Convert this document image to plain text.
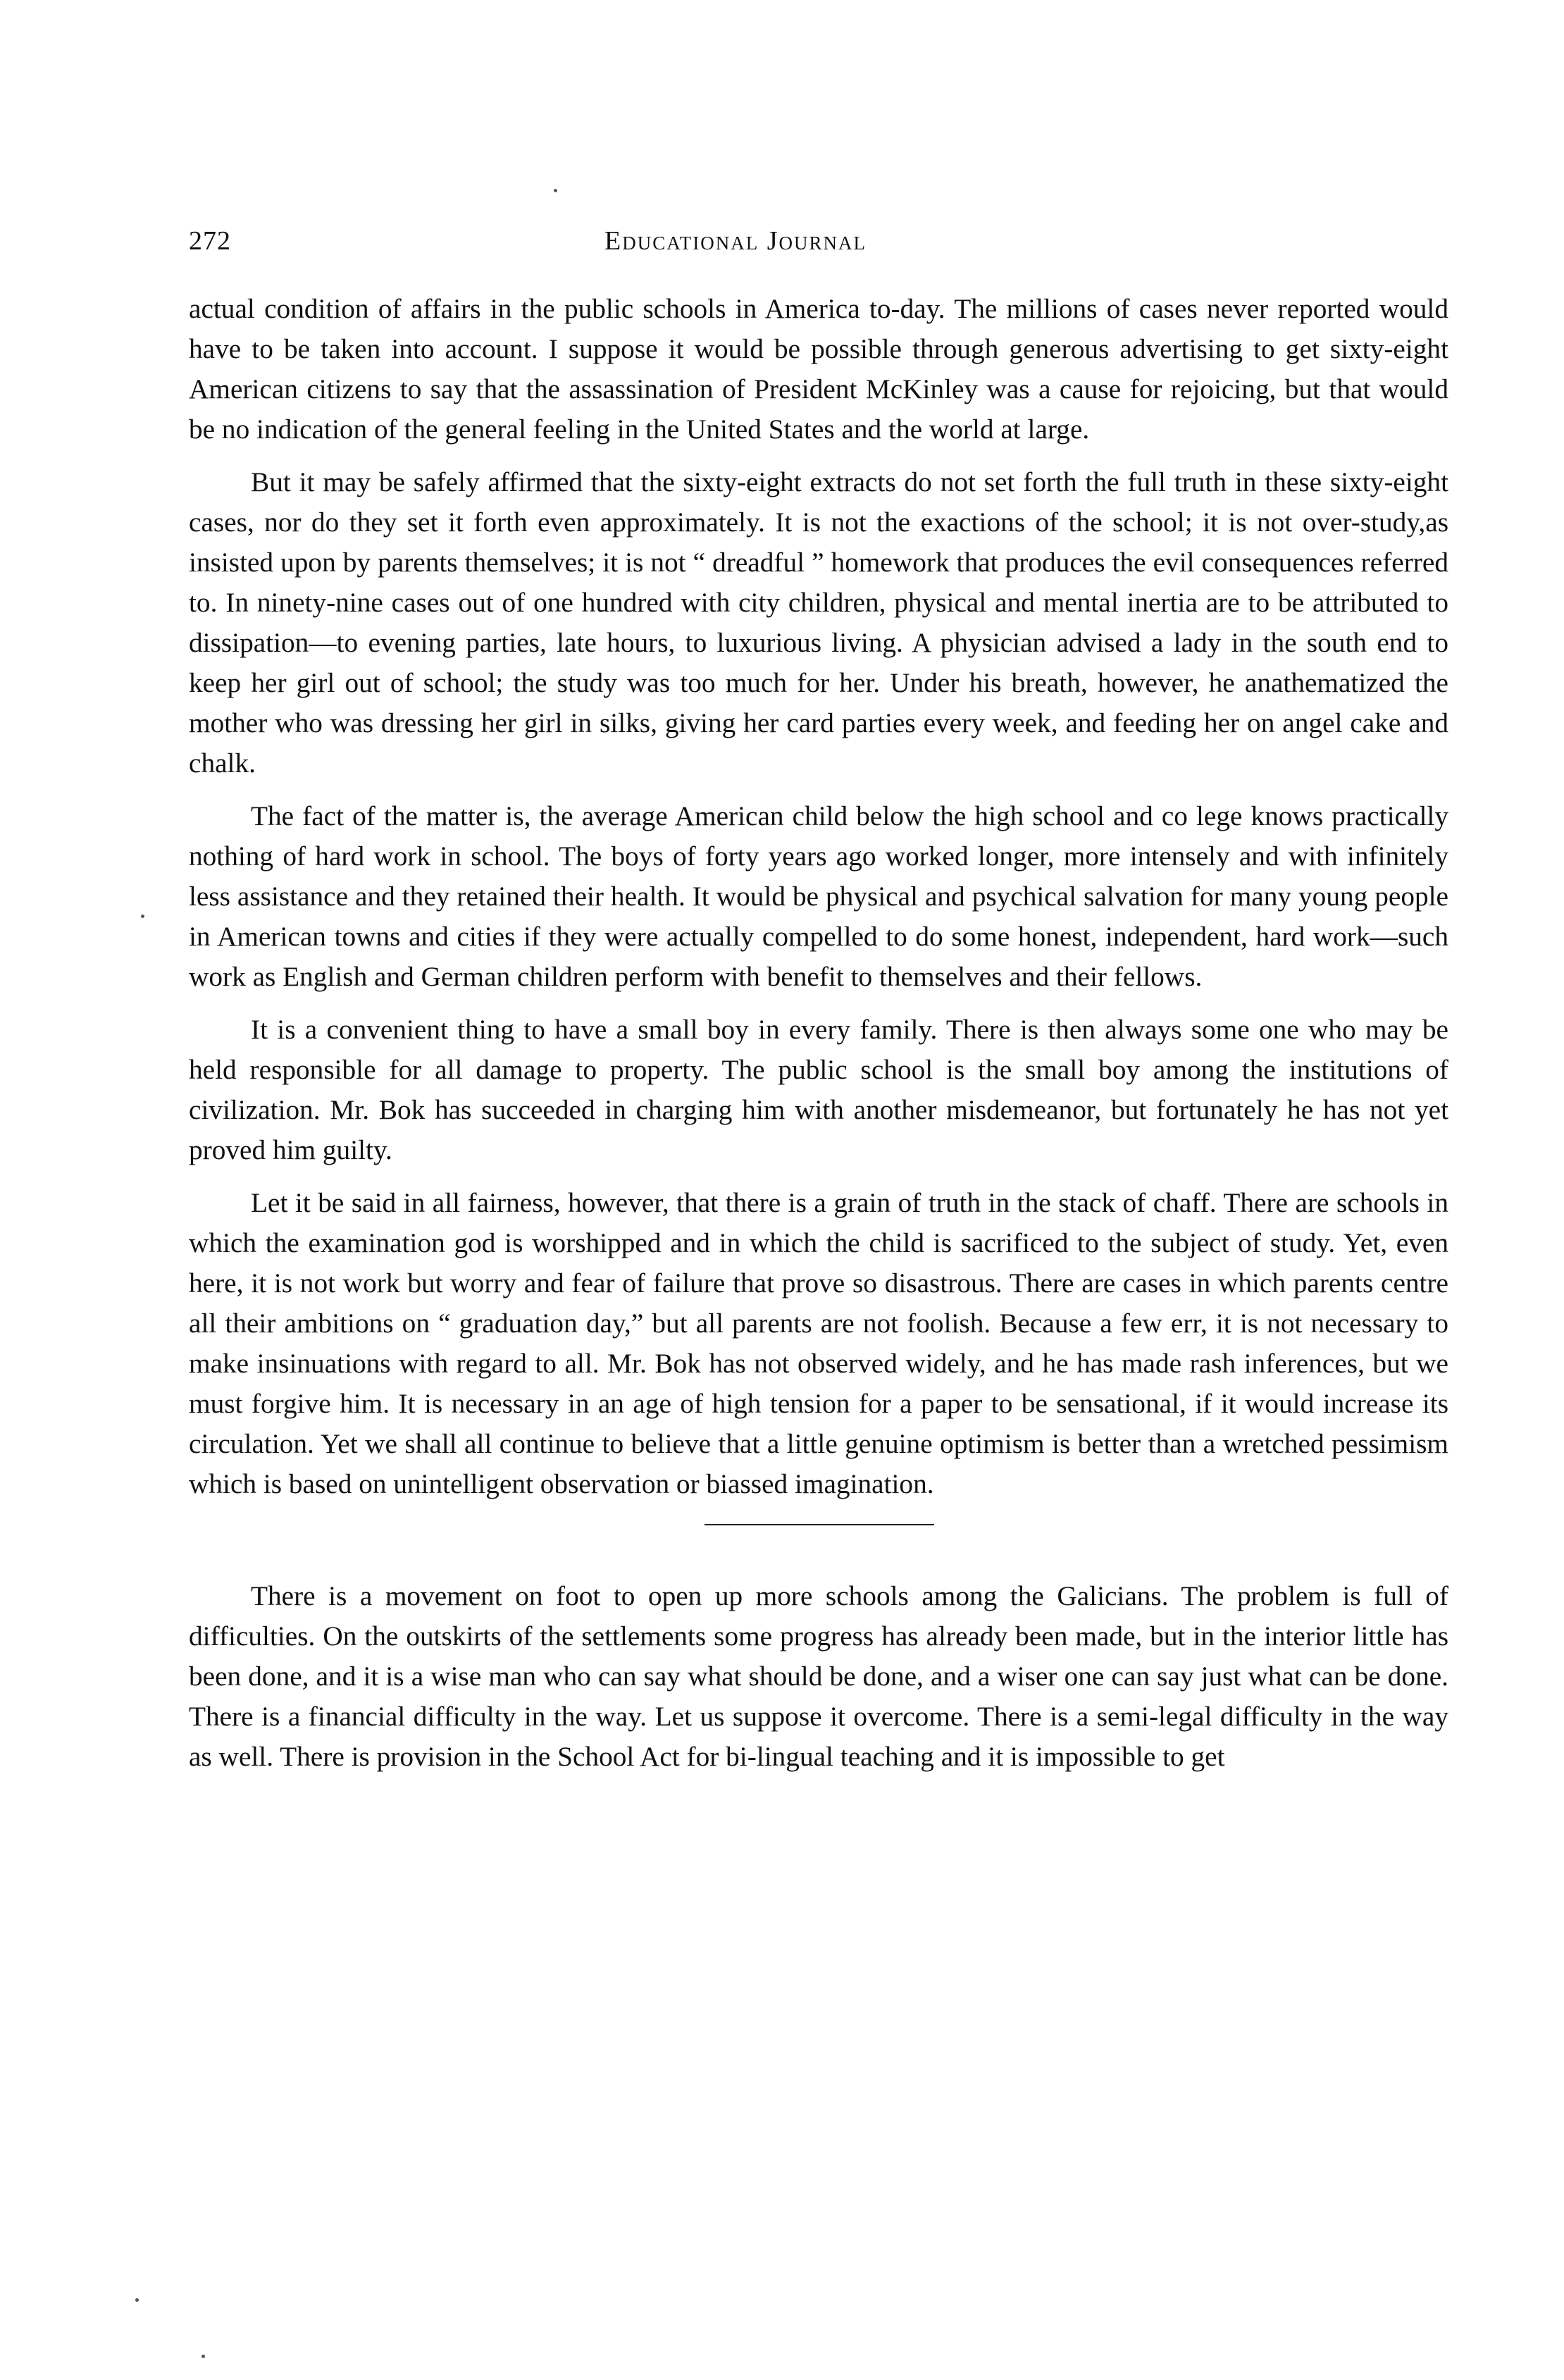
272	Educational Journal

actual condition of affairs in the public schools in America to-day. The millions of cases never reported would have to be taken into account. I suppose it would be possible through generous advertising to get sixty-eight American citizens to say that the assassination of President McKinley was a cause for rejoicing, but that would be no indication of the general feeling in the United States and the world at large.

But it may be safely affirmed that the sixty-eight extracts do not set forth the full truth in these sixty-eight cases, nor do they set it forth even approximately. It is not the exactions of the school; it is not over-study,as insisted upon by parents themselves; it is not “ dreadful ” homework that produces the evil consequences referred to. In ninety-nine cases out of one hundred with city children, physical and mental inertia are to be attributed to dissipation—to evening parties, late hours, to luxurious living. A physician advised a lady in the south end to keep her girl out of school; the study was too much for her. Under his breath, however, he anathematized the mother who was dressing her girl in silks, giving her card parties every week, and feeding her on angel cake and chalk.

The fact of the matter is, the average American child below the high school and co lege knows practically nothing of hard work in school. The boys of forty years ago worked longer, more intensely and with infinitely less assistance and they retained their health. It would be physical and psychical salvation for many young people in American towns and cities if they were actually compelled to do some honest, independent, hard work—such work as English and German children perform with benefit to themselves and their fellows.

It is a convenient thing to have a small boy in every family. There is then always some one who may be held responsible for all damage to property. The public school is the small boy among the institutions of civilization. Mr. Bok has succeeded in charging him with another misdemeanor, but fortunately he has not yet proved him guilty.

Let it be said in all fairness, however, that there is a grain of truth in the stack of chaff. There are schools in which the examination god is worshipped and in which the child is sacrificed to the subject of study. Yet, even here, it is not work but worry and fear of failure that prove so disastrous. There are cases in which parents centre all their ambitions on “ graduation day,” but all parents are not foolish. Because a few err, it is not necessary to make insinuations with regard to all. Mr. Bok has not observed widely, and he has made rash inferences, but we must forgive him. It is necessary in an age of high tension for a paper to be sensational, if it would increase its circulation. Yet we shall all continue to believe that a little genuine optimism is better than a wretched pessimism which is based on unintelligent observation or biassed imagination.

There is a movement on foot to open up more schools among the Galicians. The problem is full of difficulties. On the outskirts of the settlements some progress has already been made, but in the interior little has been done, and it is a wise man who can say what should be done, and a wiser one can say just what can be done. There is a financial difficulty in the way. Let us suppose it overcome. There is a semi-legal difficulty in the way as well. There is provision in the School Act for bi-lingual teaching and it is impossible to get
